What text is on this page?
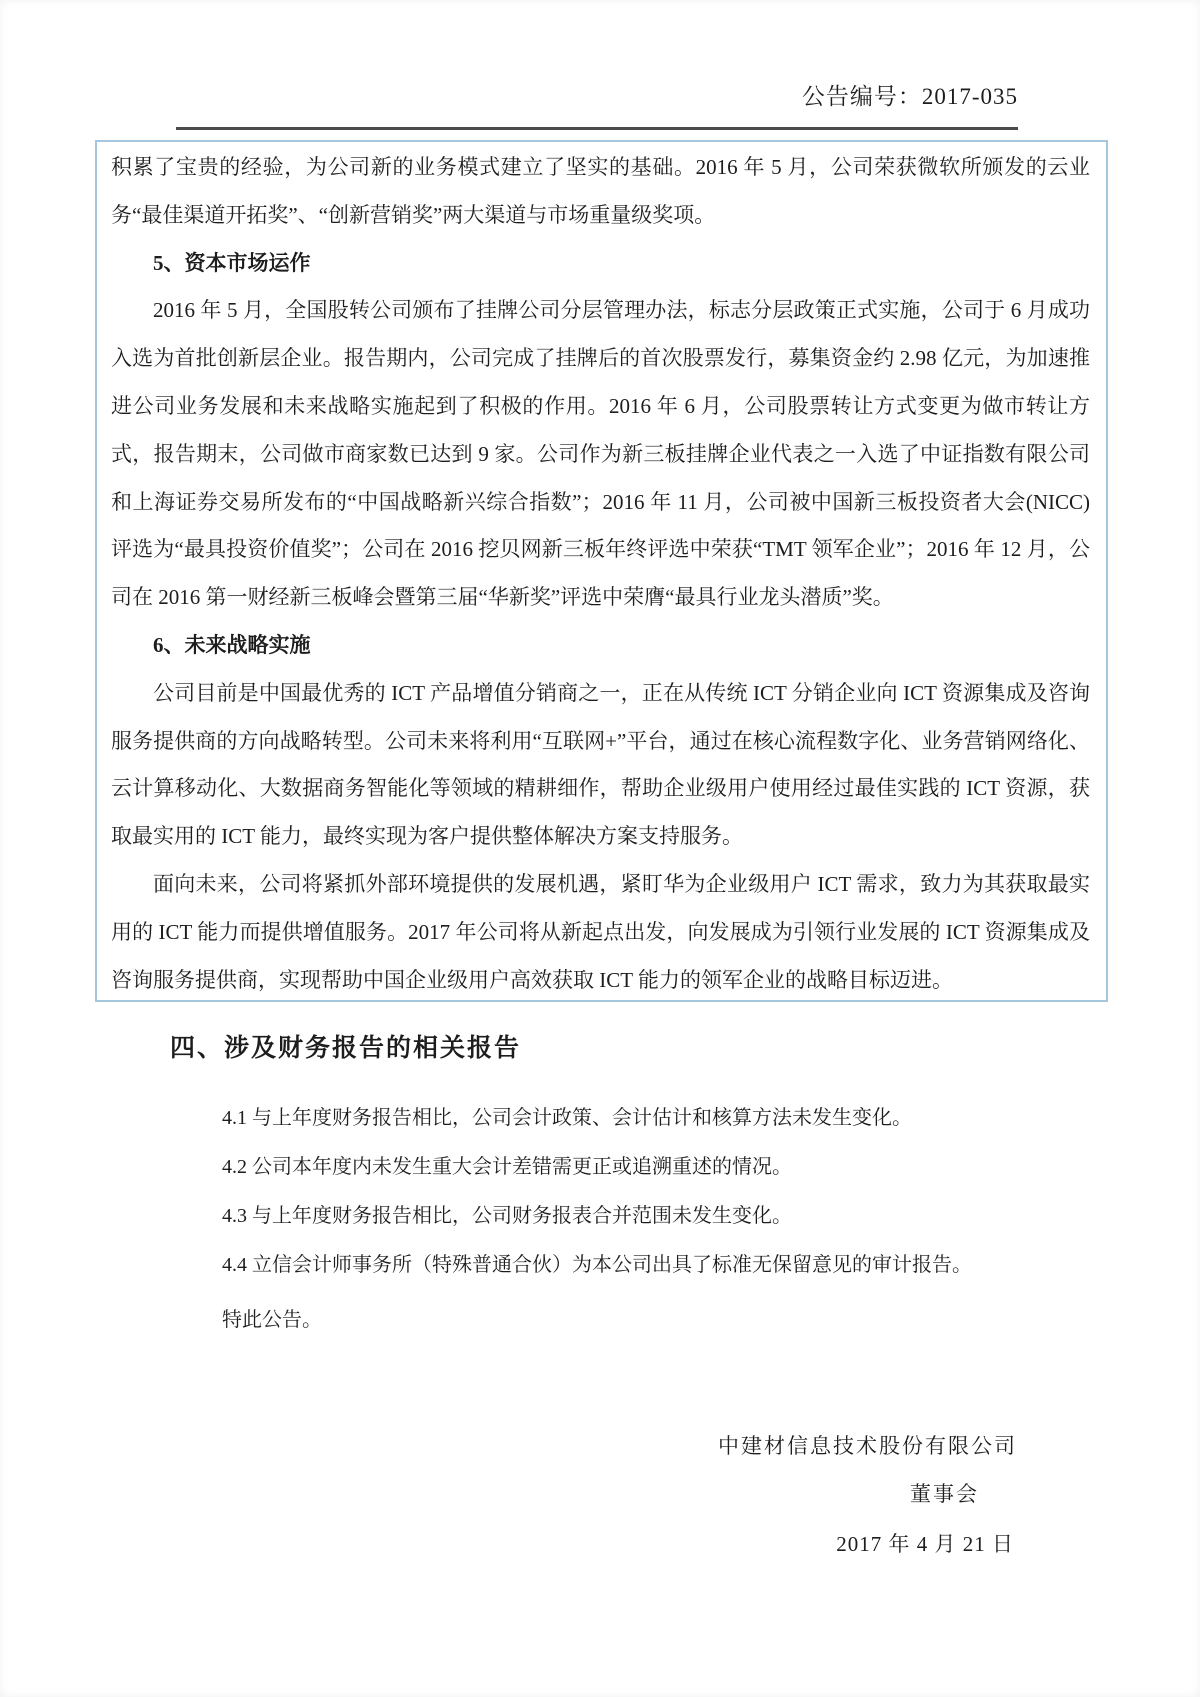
公告编号：2017-035

积累了宝贵的经验，为公司新的业务模式建立了坚实的基础。2016 年 5 月，公司荣获微软所颁发的云业务“最佳渠道开拓奖”、“创新营销奖”两大渠道与市场重量级奖项。

5、资本市场运作

2016 年 5 月，全国股转公司颁布了挂牌公司分层管理办法，标志分层政策正式实施，公司于 6 月成功入选为首批创新层企业。报告期内，公司完成了挂牌后的首次股票发行，募集资金约 2.98 亿元，为加速推进公司业务发展和未来战略实施起到了积极的作用。2016 年 6 月，公司股票转让方式变更为做市转让方式，报告期末，公司做市商家数已达到 9 家。公司作为新三板挂牌企业代表之一入选了中证指数有限公司和上海证券交易所发布的“中国战略新兴综合指数”；2016 年 11 月，公司被中国新三板投资者大会(NICC)评选为“最具投资价值奖”；公司在 2016 挖贝网新三板年终评选中荣获“TMT 领军企业”；2016 年 12 月，公司在 2016 第一财经新三板峰会暨第三届“华新奖”评选中荣膺“最具行业龙头潜质”奖。

6、未来战略实施

公司目前是中国最优秀的 ICT 产品增值分销商之一，正在从传统 ICT 分销企业向 ICT 资源集成及咨询服务提供商的方向战略转型。公司未来将利用“互联网+”平台，通过在核心流程数字化、业务营销网络化、云计算移动化、大数据商务智能化等领域的精耕细作，帮助企业级用户使用经过最佳实践的 ICT 资源，获取最实用的 ICT 能力，最终实现为客户提供整体解决方案支持服务。

面向未来，公司将紧抓外部环境提供的发展机遇，紧盯华为企业级用户 ICT 需求，致力为其获取最实用的 ICT 能力而提供增值服务。2017 年公司将从新起点出发，向发展成为引领行业发展的 ICT 资源集成及咨询服务提供商，实现帮助中国企业级用户高效获取 ICT 能力的领军企业的战略目标迈进。

四、涉及财务报告的相关报告

4.1 与上年度财务报告相比，公司会计政策、会计估计和核算方法未发生变化。

4.2 公司本年度内未发生重大会计差错需更正或追溯重述的情况。

4.3 与上年度财务报告相比，公司财务报表合并范围未发生变化。

4.4 立信会计师事务所（特殊普通合伙）为本公司出具了标准无保留意见的审计报告。

特此公告。
中建材信息技术股份有限公司
董事会
2017 年 4 月 21 日
